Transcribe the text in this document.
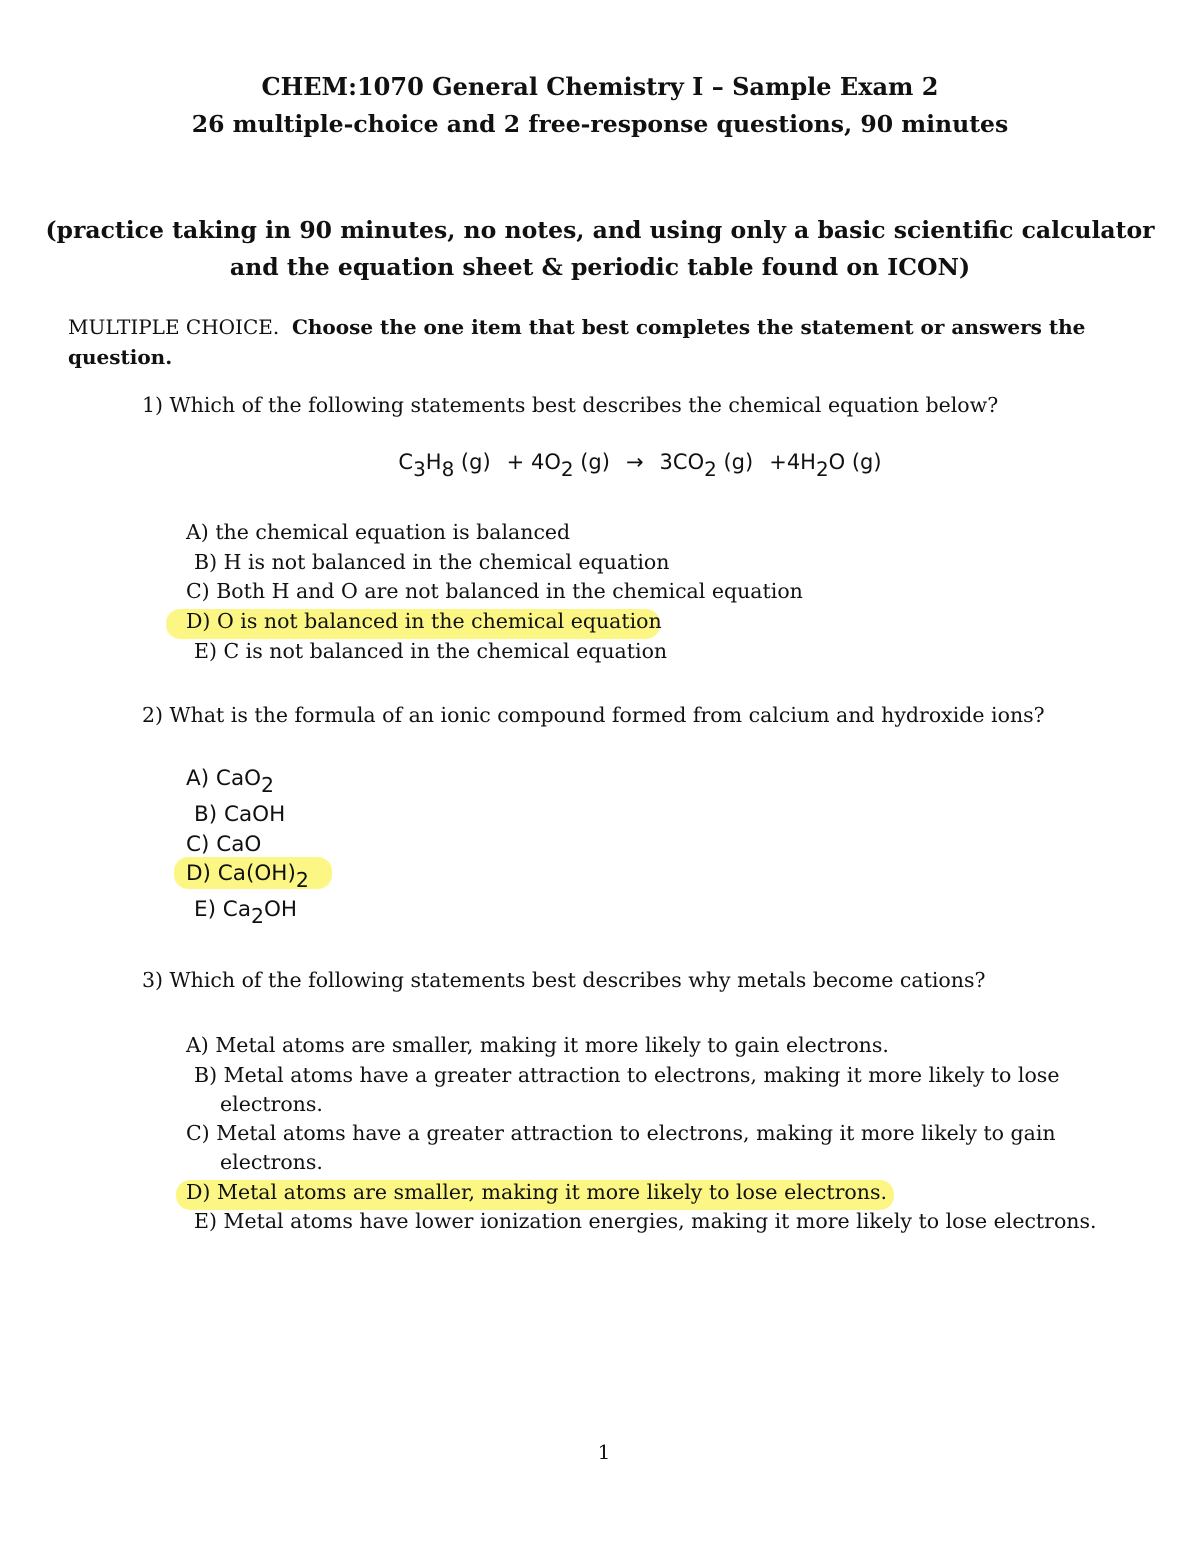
CHEM:1070 General Chemistry I – Sample Exam 2
26 multiple-choice and 2 free-response questions, 90 minutes
(practice taking in 90 minutes, no notes, and using only a basic scientific calculator
and the equation sheet & periodic table found on ICON)
MULTIPLE CHOICE. Choose the one item that best completes the statement or answers the
question.
1) Which of the following statements best describes the chemical equation below?
$C_3H_8$ $(g) + 4O_2$ $(g) \to 3CO_2$ $(g) +4H_2O$ (g)
A) the chemical equation is balanced
B) H is not balanced in the chemical equation
C) Both H and O are not balanced in the chemical equation
D) O is not balanced in the chemical equation
E) C is not balanced in the chemical equation
2) What is the formula of an ionic compound formed from calcium and hydroxide ions?
A) CaO$_2$
B) CaOH
C) CaO
D) $Ca(OH)_2$
E) $Ca_2OH$
3) Which of the following statements best describes why metals become cations?
A) Metal atoms are smaller, making it more likely to gain electrons.
B) Metal atoms have a greater attraction to electrons, making it more likely to lose
electrons.
C) Metal atoms have a greater attraction to electrons, making it more likely to gain
electrons.
D) Metal atoms are smaller, making it more likely to lose electrons.
E) Metal atoms have lower ionization energies, making it more likely to lose electrons.
1
